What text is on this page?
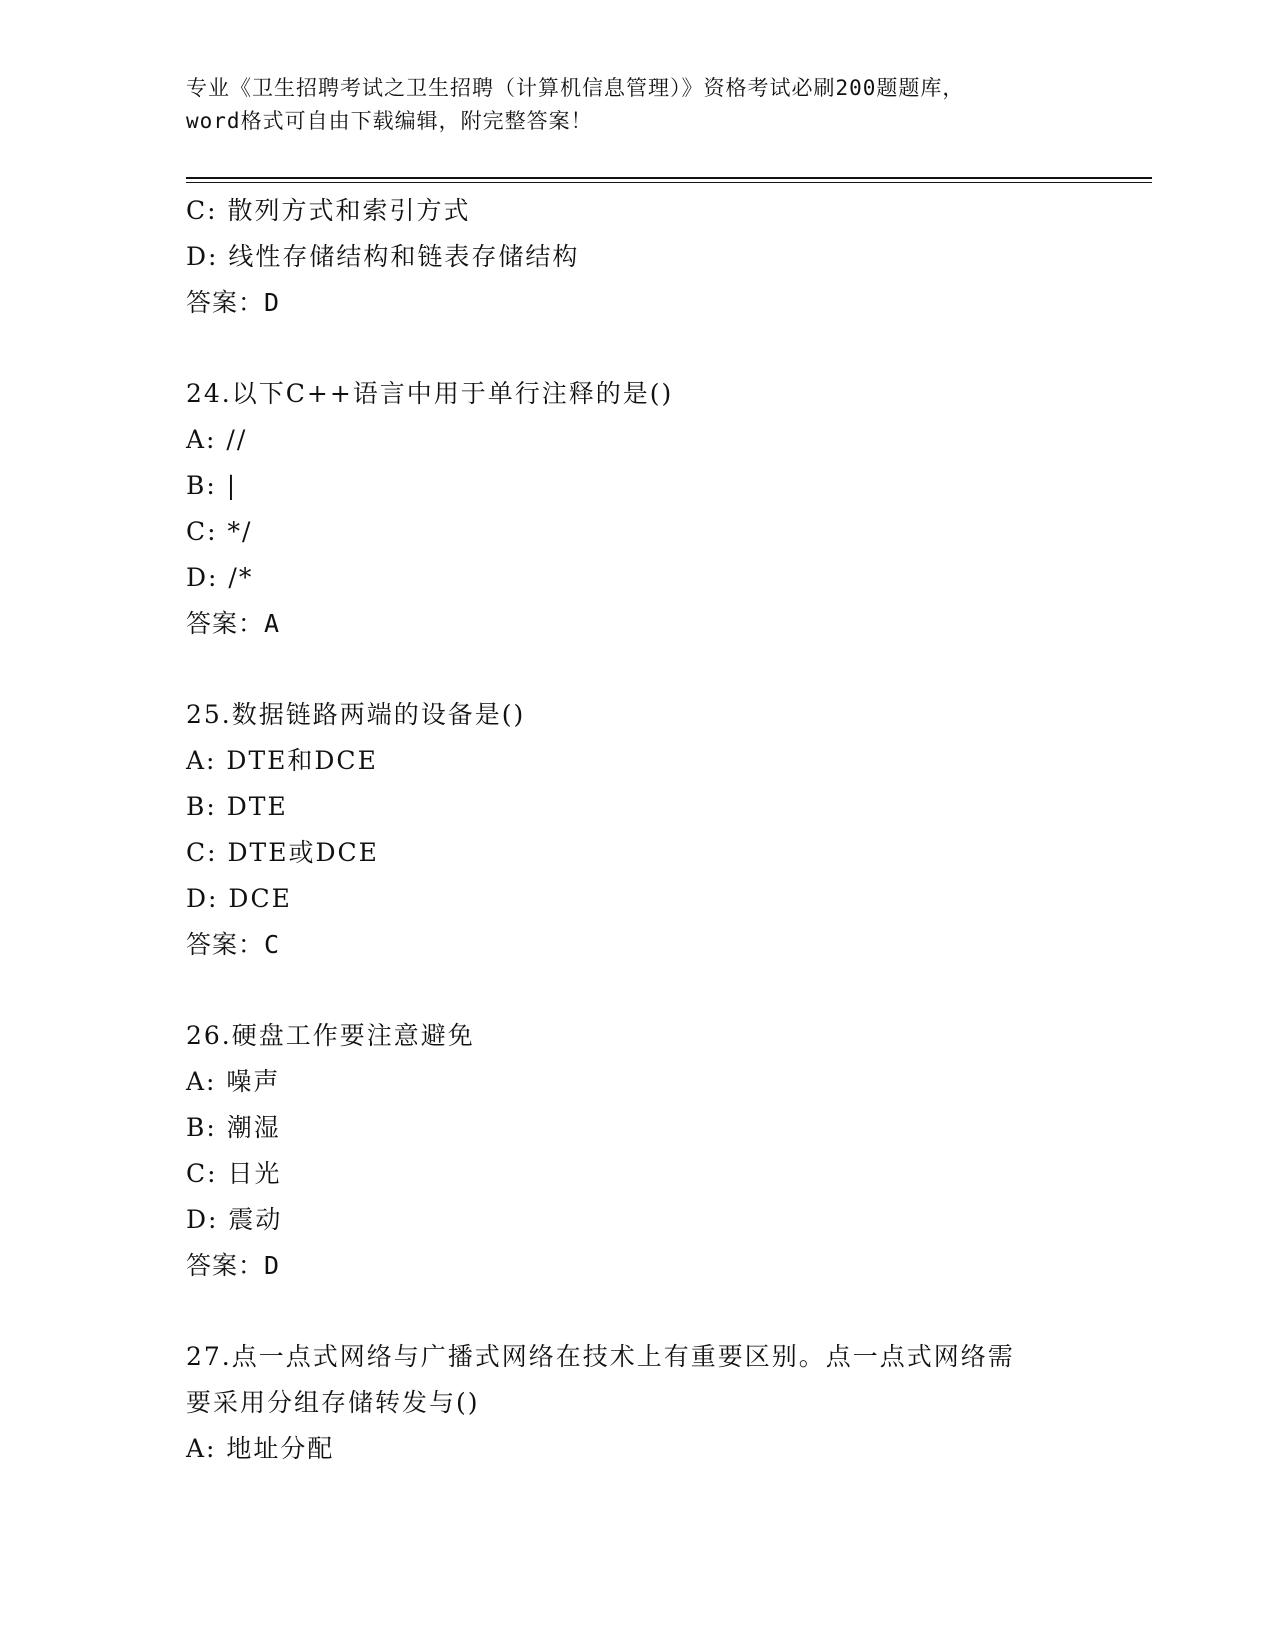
专业《卫生招聘考试之卫生招聘（计算机信息管理）》资格考试必刷200题题库，
word格式可自由下载编辑，附完整答案！
C: 散列方式和索引方式
D: 线性存储结构和链表存储结构
答案：D
24.以下C++语言中用于单行注释的是()
A: //
B: |
C: */
D: /*
答案：A
25.数据链路两端的设备是()
A: DTE和DCE
B: DTE
C: DTE或DCE
D: DCE
答案：C
26.硬盘工作要注意避免
A: 噪声
B: 潮湿
C: 日光
D: 震动
答案：D
27.点一点式网络与广播式网络在技术上有重要区别。点一点式网络需
要采用分组存储转发与()
A: 地址分配
